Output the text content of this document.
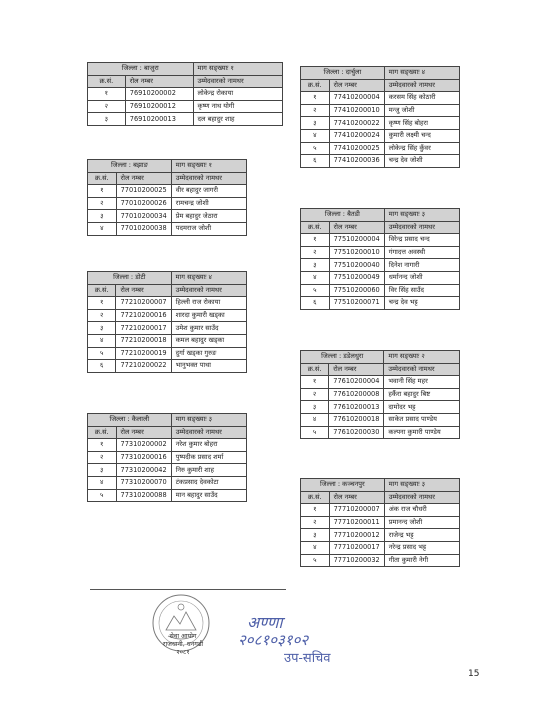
जिल्ला : बाजुरा		माग सङ्ख्याः १
क्र.सं.	रोल नम्बर	उम्मेदवारको नामथर
१	76910200002	लोकेन्द्र रोकाया
२	76910200012	कृष्ण नाथ योगी
३	76910200013	दल बहादुर शाह
जिल्ला : बझाङ		माग सङ्ख्याः १
क्र.सं.	रोल नम्बर	उम्मेदवारको नामथर
१	77010200025	वीर बहादुर जागरी
२	77010200026	रामचन्द्र जोशी
३	77010200034	प्रेम बहादुर जेठारा
४	77010200038	पदमराज जोशी
जिल्ला : डोटी		माग सङ्ख्याः ४
क्र.सं.	रोल नम्बर	उम्मेदवारको नामथर
१	77210200007	हिल्ली राज रोकाया
२	77210200016	शारदा कुमारी खड्का
३	77210200017	उमेश कुमार साउँद
४	77210200018	कमल बहादुर खड्का
५	77210200019	दुर्गा खड्का गुरुङ
६	77210200022	भानुभक्त पाथा
जिल्ला : कैलाली		माग सङ्ख्याः ३
क्र.सं.	रोल नम्बर	उम्मेदवारको नामथर
१	77310200002	नरेश कुमार बोहरा
२	77310200016	पुष्पदीक प्रसाद शर्मा
३	77310200042	निरु कुमारी शाह
४	77310200070	टंकप्रसाद देवकोटा
५	77310200088	मान बहादुर साउँद
जिल्ला : दार्चुला		माग सङ्ख्याः ४
क्र.सं.	रोल नम्बर	उम्मेदवारको नामथर
१	77410200004	करसम सिंह कोठारी
२	77410200010	मन्जु जोशी
३	77410200022	कृष्ण सिंह बोहरा
४	77410200024	कुमारी लक्ष्मी चन्द
५	77410200025	लोकेन्द्र सिंह कुँवर
६	77410200036	चन्द्र देव जोशी
जिल्ला : बैतडी		माग सङ्ख्याः ३
क्र.सं.	रोल नम्बर	उम्मेदवारको नामथर
१	77510200004	विरेन्द्र प्रसाद चन्द
२	77510200010	गंगादत्त अवस्थी
३	77510200040	दिनेश नागारी
४	77510200049	धर्मानन्द जोशी
५	77510200060	विर सिंह साउँद
६	77510200071	चन्द्र देव भट्ट
जिल्ला : डडेलधुरा		माग सङ्ख्याः २
क्र.सं.	रोल नम्बर	उम्मेदवारको नामथर
१	77610200004	भवानी सिंह महर
२	77610200008	हर्कैरा बहादुर बिष्ट
३	77610200013	दामोदर भट्ट
४	77610200018	साकेत प्रसाद पाण्डेय
५	77610200030	कल्पना कुमारी पाण्डेय
जिल्ला : कञ्चनपुर		माग सङ्ख्याः ३
क्र.सं.	रोल नम्बर	उम्मेदवारको नामथर
१	77710200007	अंक राज चौधरी
२	77710200011	प्रमानन्द जोशी
३	77710200012	राजेन्द्र भट्ट
४	77710200017	नरेन्द्र प्रसाद भट्ट
५	77710200032	गीता कुमारी नेगी
सेवा आयोग
राजधानी, धनगढी
२०८१
अण्णा
२०८१०३१०२
उप-सचिव
15
